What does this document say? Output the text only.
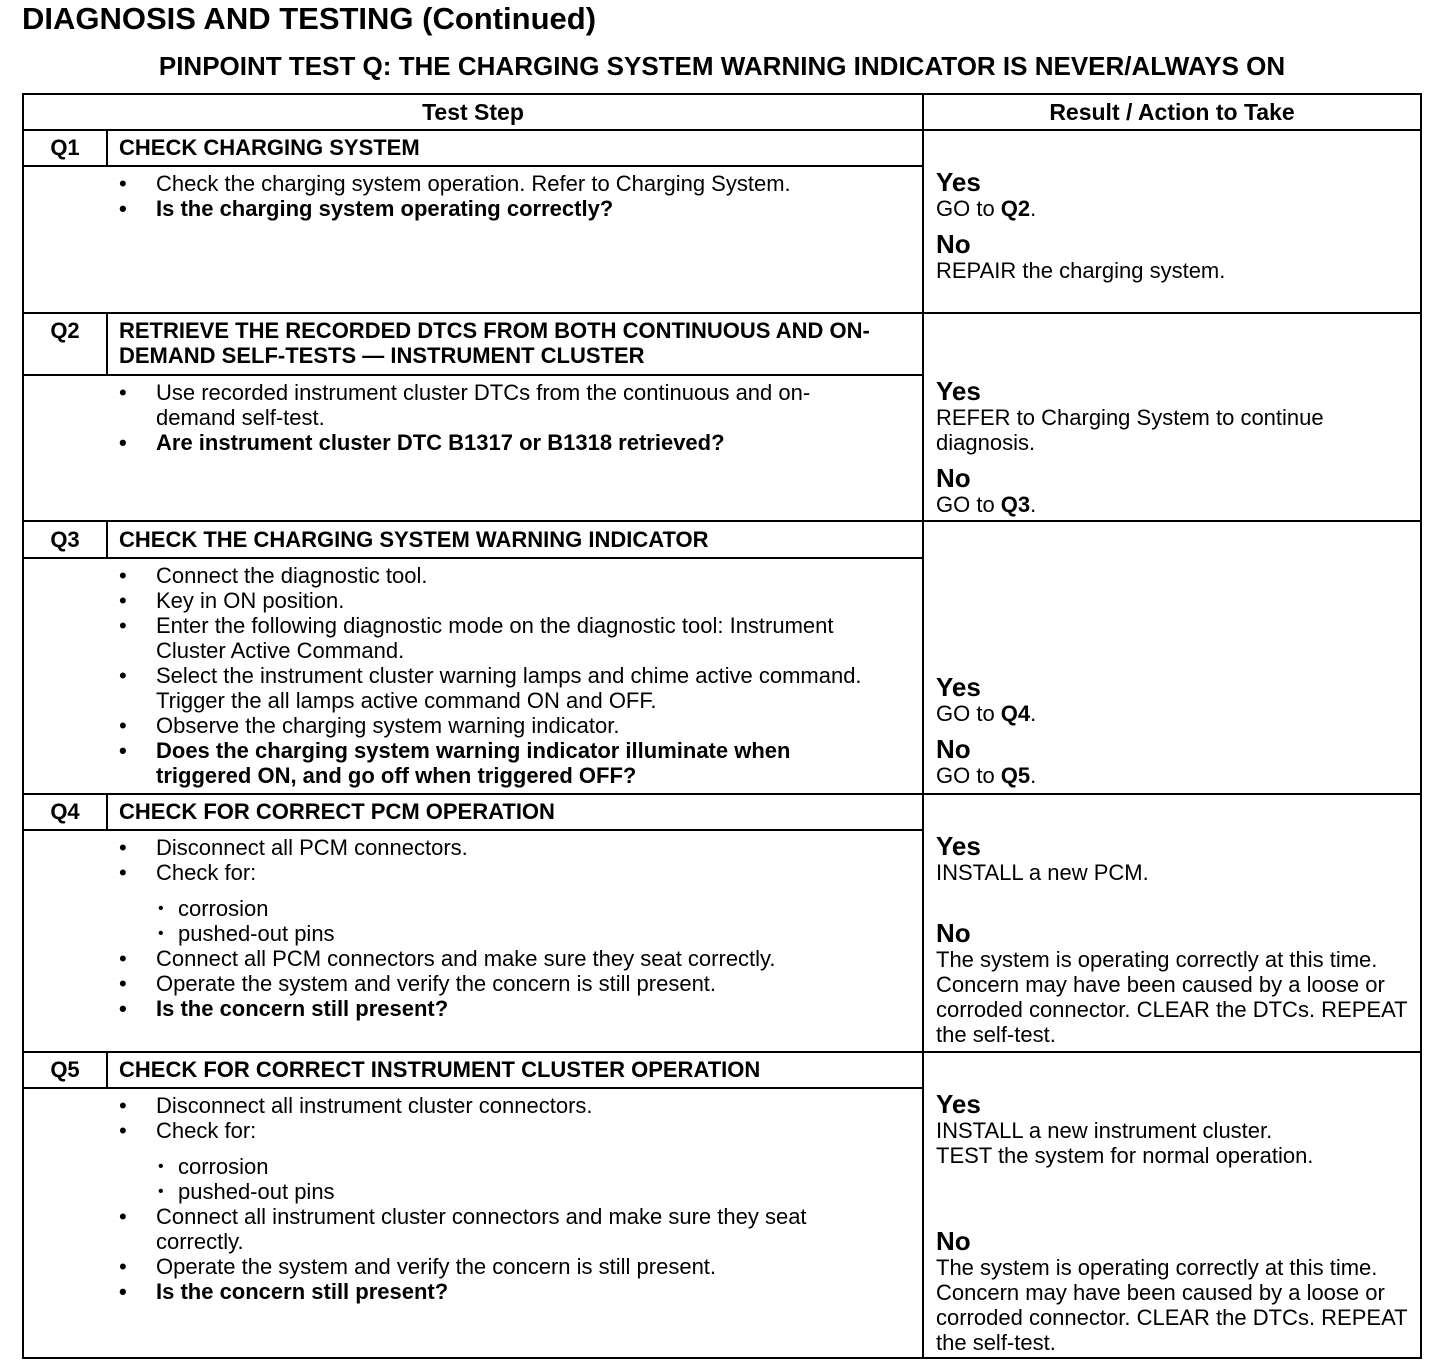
DIAGNOSIS AND TESTING (Continued)
PINPOINT TEST Q: THE CHARGING SYSTEM WARNING INDICATOR IS NEVER/ALWAYS ON
Test Step	Result / Action to Take
Q1	CHECK CHARGING SYSTEM
• Check the charging system operation. Refer to Charging System.
• Is the charging system operating correctly?
Yes
GO to Q2.
No
REPAIR the charging system.
Q2	RETRIEVE THE RECORDED DTCS FROM BOTH CONTINUOUS AND ON-DEMAND SELF-TESTS — INSTRUMENT CLUSTER
• Use recorded instrument cluster DTCs from the continuous and on-demand self-test.
• Are instrument cluster DTC B1317 or B1318 retrieved?
Yes
REFER to Charging System to continue diagnosis.
No
GO to Q3.
Q3	CHECK THE CHARGING SYSTEM WARNING INDICATOR
• Connect the diagnostic tool.
• Key in ON position.
• Enter the following diagnostic mode on the diagnostic tool: Instrument Cluster Active Command.
• Select the instrument cluster warning lamps and chime active command. Trigger the all lamps active command ON and OFF.
• Observe the charging system warning indicator.
• Does the charging system warning indicator illuminate when triggered ON, and go off when triggered OFF?
Yes
GO to Q4.
No
GO to Q5.
Q4	CHECK FOR CORRECT PCM OPERATION
• Disconnect all PCM connectors.
• Check for:
• corrosion
• pushed-out pins
• Connect all PCM connectors and make sure they seat correctly.
• Operate the system and verify the concern is still present.
• Is the concern still present?
Yes
INSTALL a new PCM.
No
The system is operating correctly at this time. Concern may have been caused by a loose or corroded connector. CLEAR the DTCs. REPEAT the self-test.
Q5	CHECK FOR CORRECT INSTRUMENT CLUSTER OPERATION
• Disconnect all instrument cluster connectors.
• Check for:
• corrosion
• pushed-out pins
• Connect all instrument cluster connectors and make sure they seat correctly.
• Operate the system and verify the concern is still present.
• Is the concern still present?
Yes
INSTALL a new instrument cluster.
TEST the system for normal operation.
No
The system is operating correctly at this time. Concern may have been caused by a loose or corroded connector. CLEAR the DTCs. REPEAT the self-test.
